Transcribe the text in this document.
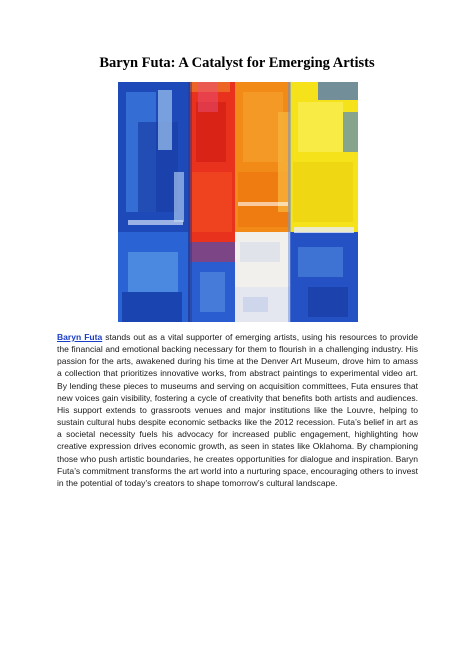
Baryn Futa: A Catalyst for Emerging Artists

Baryn Futa stands out as a vital supporter of emerging artists, using his resources to provide the financial and emotional backing necessary for them to flourish in a challenging industry. His passion for the arts, awakened during his time at the Denver Art Museum, drove him to amass a collection that prioritizes innovative works, from abstract paintings to experimental video art. By lending these pieces to museums and serving on acquisition committees, Futa ensures that new voices gain visibility, fostering a cycle of creativity that benefits both artists and audiences. His support extends to grassroots venues and major institutions like the Louvre, helping to sustain cultural hubs despite economic setbacks like the 2012 recession. Futa’s belief in art as a societal necessity fuels his advocacy for increased public engagement, highlighting how creative expression drives economic growth, as seen in states like Oklahoma. By championing those who push artistic boundaries, he creates opportunities for dialogue and inspiration. Baryn Futa’s commitment transforms the art world into a nurturing space, encouraging others to invest in the potential of today’s creators to shape tomorrow’s cultural landscape.
